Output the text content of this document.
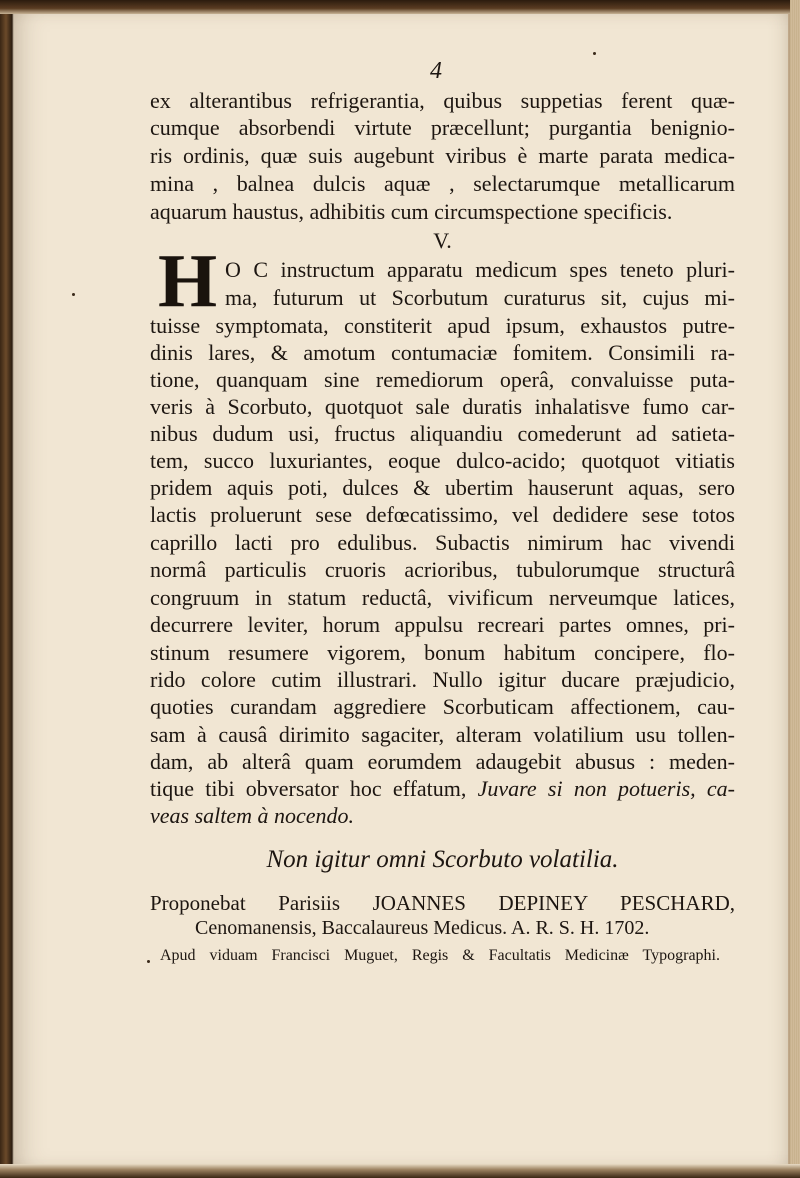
4
ex alterantibus refrigerantia, quibus suppetias ferent quæ-
cumque absorbendi virtute præcellunt; purgantia benignio-
ris ordinis, quæ suis augebunt viribus è marte parata medica-
mina , balnea dulcis aquæ , selectarumque metallicarum
aquarum haustus, adhibitis cum circumspectione specificis.
V.
H O C instructum apparatu medicum spes teneto pluri-
ma, futurum ut Scorbutum curaturus sit, cujus mi-
tuisse symptomata, constiterit apud ipsum, exhaustos putre-
dinis lares, & amotum contumaciæ fomitem. Consimili ra-
tione, quanquam sine remediorum operâ, convaluisse puta-
veris à Scorbuto, quotquot sale duratis inhalatisve fumo car-
nibus dudum usi, fructus aliquandiu comederunt ad satieta-
tem, succo luxuriantes, eoque dulco-acido; quotquot vitiatis
pridem aquis poti, dulces & ubertim hauserunt aquas, sero
lactis proluerunt sese defœcatissimo, vel dedidere sese totos
caprillo lacti pro edulibus. Subactis nimirum hac vivendi
normâ particulis cruoris acrioribus, tubulorumque structurâ
congruum in statum reductâ, vivificum nerveumque latices,
decurrere leviter, horum appulsu recreari partes omnes, pri-
stinum resumere vigorem, bonum habitum concipere, flo-
rido colore cutim illustrari. Nullo igitur ducare præjudicio,
quoties curandam aggrediere Scorbuticam affectionem, cau-
sam à causâ dirimito sagaciter, alteram volatilium usu tollen-
dam, ab alterâ quam eorumdem adaugebit abusus : meden-
tique tibi obversator hoc effatum, Juvare si non potueris, ca-
veas saltem à nocendo.
Non igitur omni Scorbuto volatilia.
Proponebat Parisiis JOANNES DEPINEY PESCHARD,
Cenomanensis, Baccalaureus Medicus. A. R. S. H. 1702.
Apud viduam Francisci Muguet, Regis & Facultatis Medicinæ Typographi.
